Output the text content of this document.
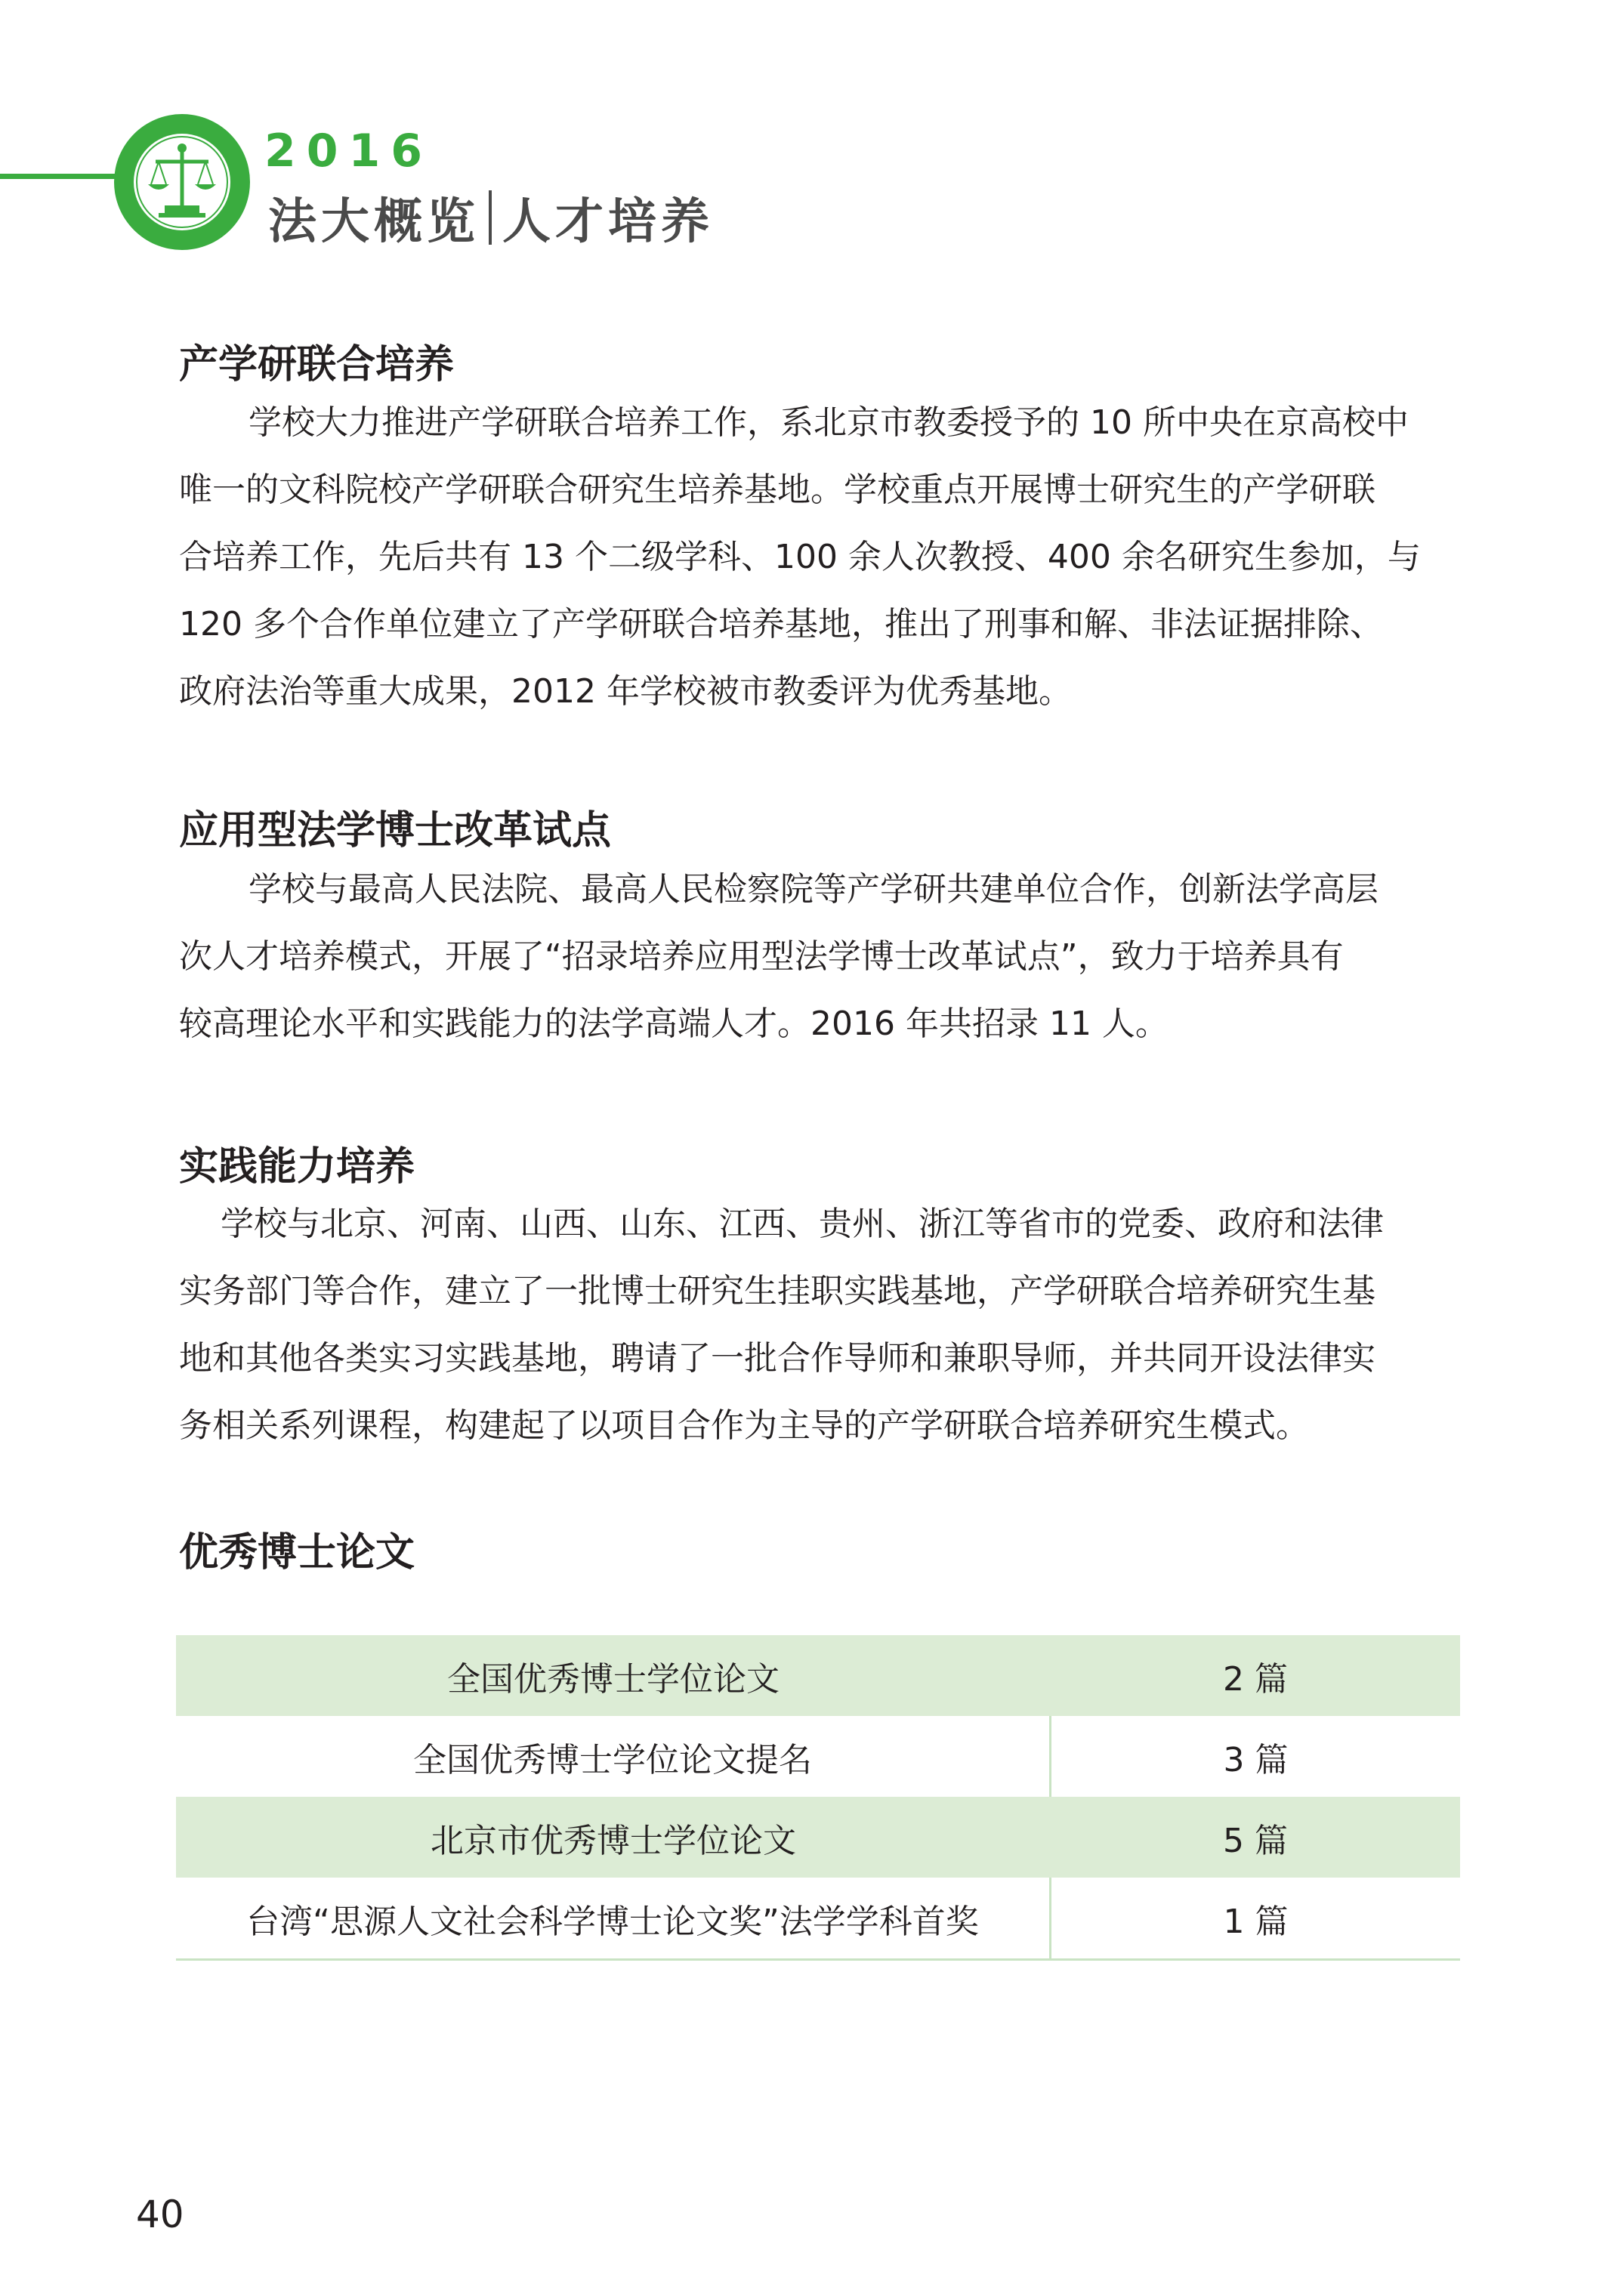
2016
法大概览 人才培养
产学研联合培养
学校大力推进产学研联合培养工作，系北京市教委授予的 10 所中央在京高校中
唯一的文科院校产学研联合研究生培养基地。学校重点开展博士研究生的产学研联
合培养工作，先后共有 13 个二级学科、100 余人次教授、400 余名研究生参加，与
120 多个合作单位建立了产学研联合培养基地，推出了刑事和解、非法证据排除、
政府法治等重大成果，2012 年学校被市教委评为优秀基地。
应用型法学博士改革试点
学校与最高人民法院、最高人民检察院等产学研共建单位合作，创新法学高层
次人才培养模式，开展了“招录培养应用型法学博士改革试点”，致力于培养具有
较高理论水平和实践能力的法学高端人才。2016 年共招录 11 人。
实践能力培养
学校与北京、河南、山西、山东、江西、贵州、浙江等省市的党委、政府和法律
实务部门等合作，建立了一批博士研究生挂职实践基地，产学研联合培养研究生基
地和其他各类实习实践基地，聘请了一批合作导师和兼职导师，并共同开设法律实
务相关系列课程，构建起了以项目合作为主导的产学研联合培养研究生模式。
优秀博士论文
全国优秀博士学位论文	2 篇
全国优秀博士学位论文提名	3 篇
北京市优秀博士学位论文	5 篇
台湾“思源人文社会科学博士论文奖”法学学科首奖	1 篇
40
